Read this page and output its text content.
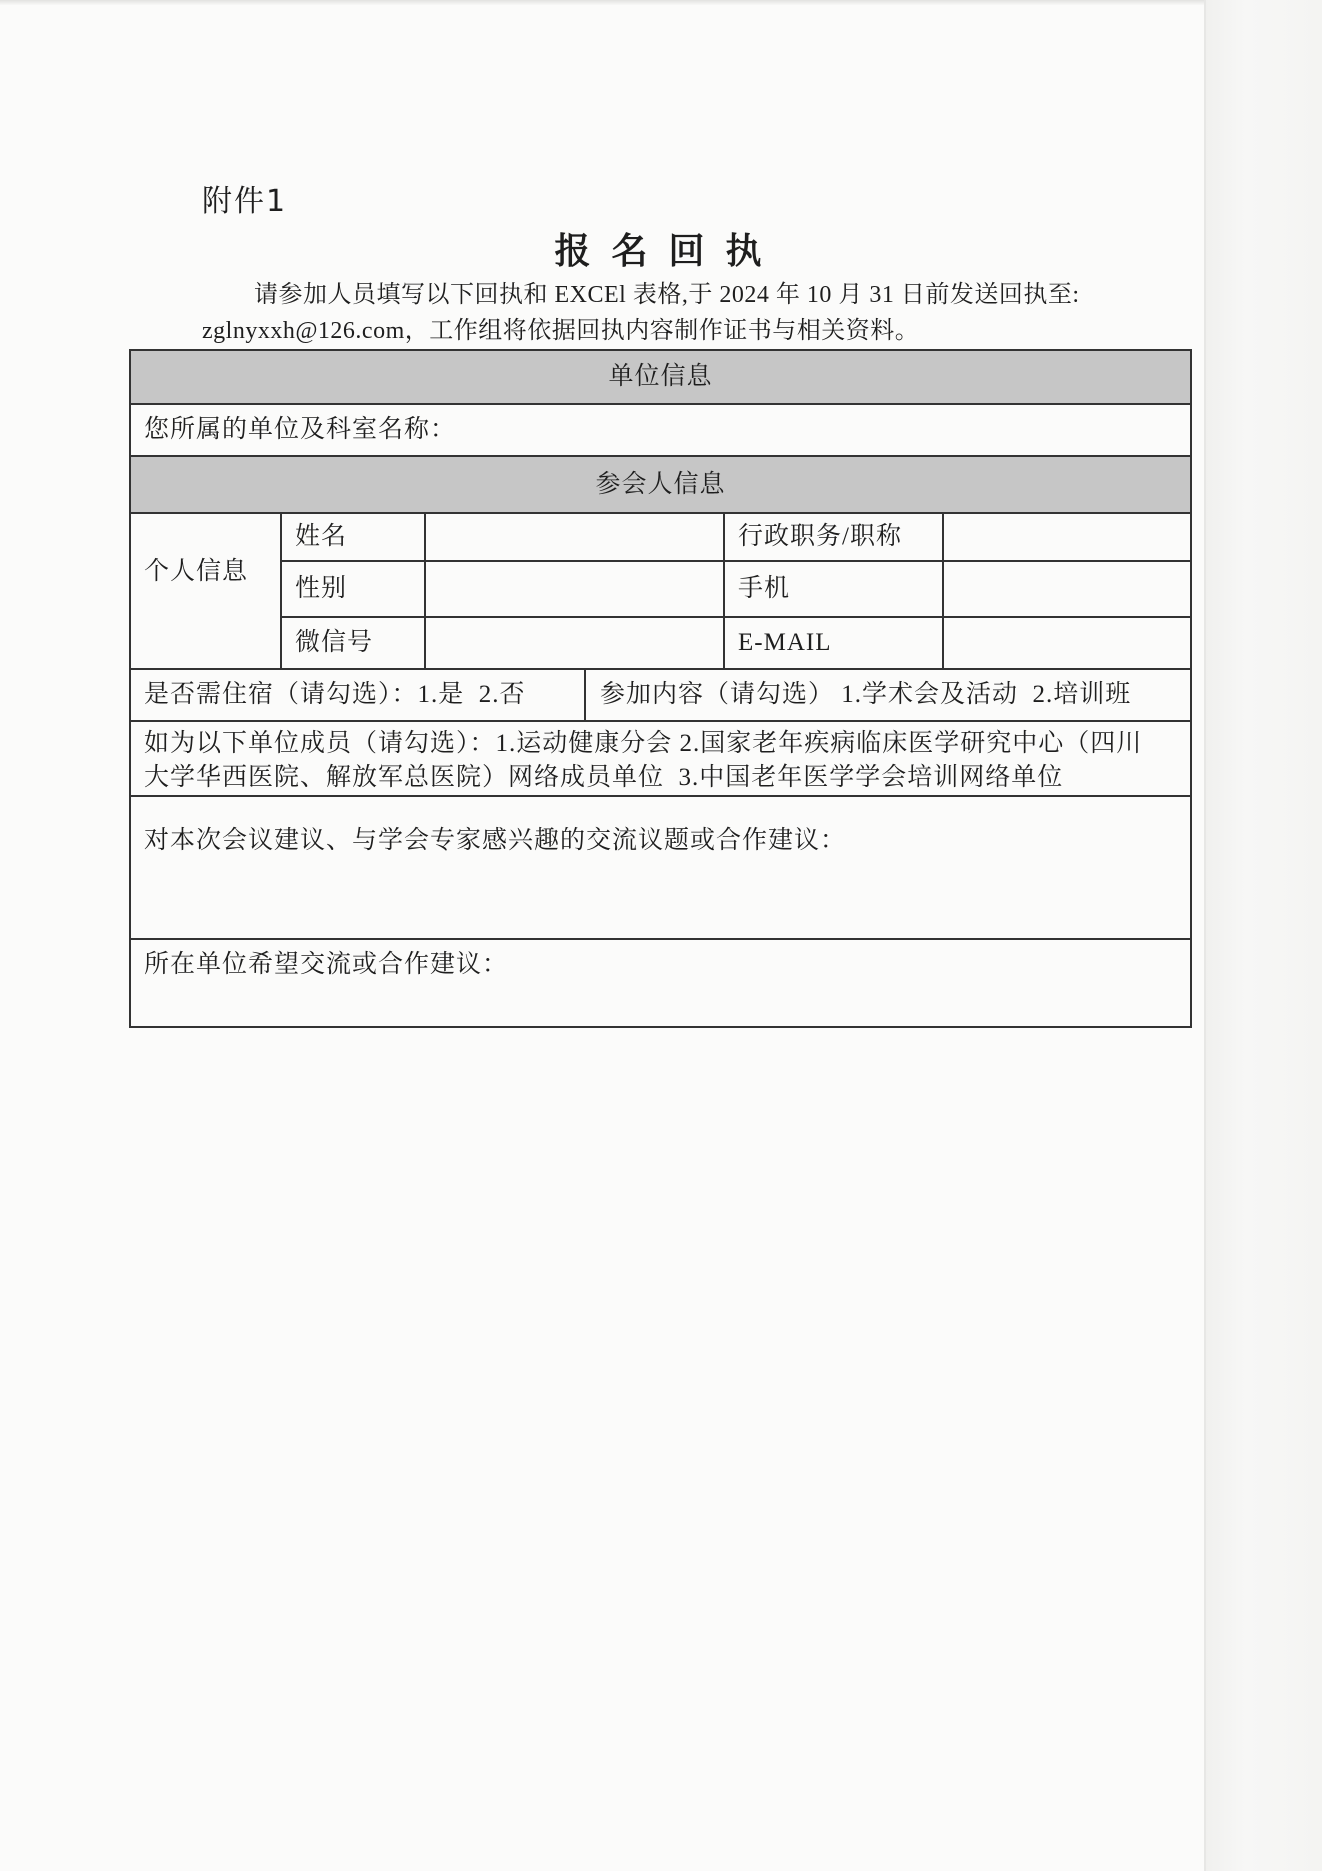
附件1
报 名 回 执
请参加人员填写以下回执和 EXCEl 表格,于 2024 年 10 月 31 日前发送回执至:
zglnyxxh@126.com，工作组将依据回执内容制作证书与相关资料。
单位信息
您所属的单位及科室名称：
参会人信息
个人信息
姓名	行政职务/职称
性别	手机
微信号	E-MAIL
是否需住宿（请勾选）：1.是  2.否	参加内容（请勾选） 1.学术会及活动  2.培训班
如为以下单位成员（请勾选）：1.运动健康分会 2.国家老年疾病临床医学研究中心（四川
大学华西医院、解放军总医院）网络成员单位  3.中国老年医学学会培训网络单位
对本次会议建议、与学会专家感兴趣的交流议题或合作建议：
所在单位希望交流或合作建议：
